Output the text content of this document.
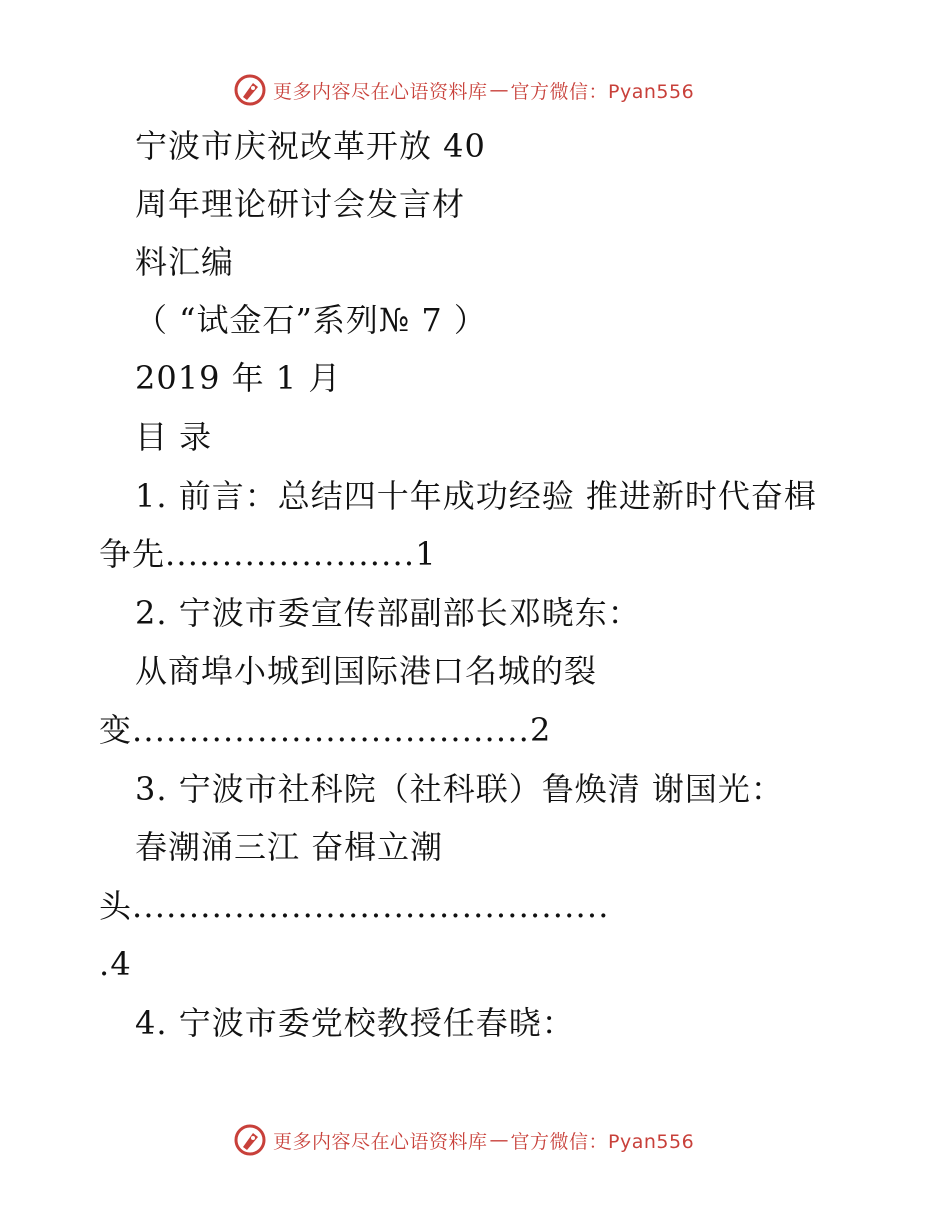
更多内容尽在心语资料库 — 官方微信：Pyan556
宁波市庆祝改革开放 40
周年理论研讨会发言材
料汇编
（ “试金石”系列№ 7 ）
2019 年 1 月
目 录
1. 前言：总结四十年成功经验 推进新时代奋楫
争先......................1
2. 宁波市委宣传部副部长邓晓东：
从商埠小城到国际港口名城的裂
变...................................2
3. 宁波市社科院（社科联）鲁焕清 谢国光：
春潮涌三江 奋楫立潮
头..........................................
.4
4. 宁波市委党校教授任春晓：
更多内容尽在心语资料库 — 官方微信：Pyan556
